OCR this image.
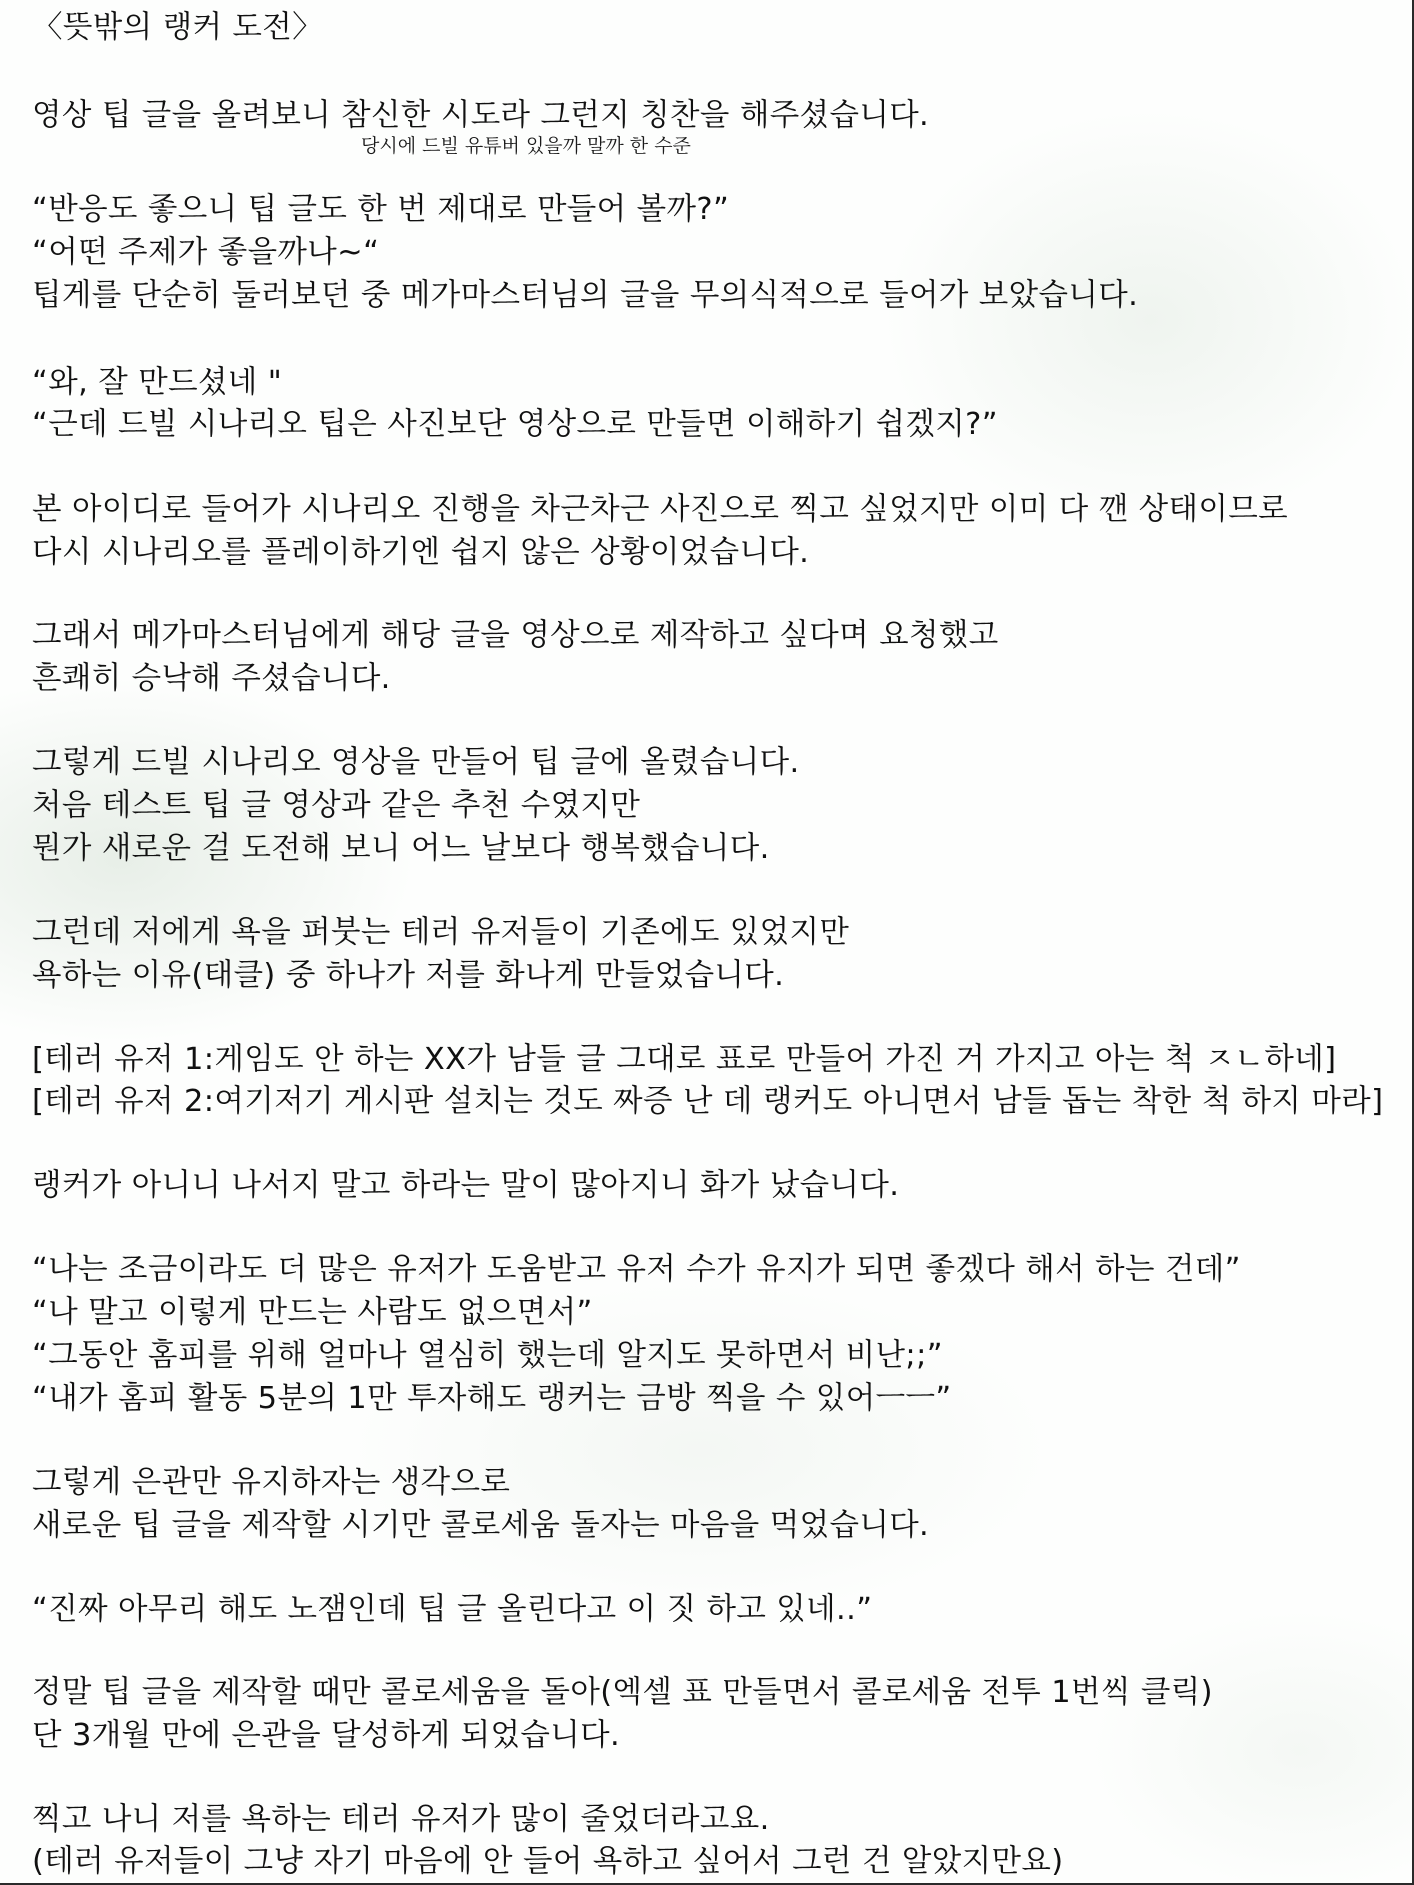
〈뜻밖의 랭커 도전〉
영상 팁 글을 올려보니 참신한 시도라 그런지 칭찬을 해주셨습니다.
당시에 드빌 유튜버 있을까 말까 한 수준
“반응도 좋으니 팁 글도 한 번 제대로 만들어 볼까?”
“어떤 주제가 좋을까나~“
팁게를 단순히 둘러보던 중 메가마스터님의 글을 무의식적으로 들어가 보았습니다.
“와, 잘 만드셨네 "
“근데 드빌 시나리오 팁은 사진보단 영상으로 만들면 이해하기 쉽겠지?”
본 아이디로 들어가 시나리오 진행을 차근차근 사진으로 찍고 싶었지만 이미 다 깬 상태이므로
다시 시나리오를 플레이하기엔 쉽지 않은 상황이었습니다.
그래서 메가마스터님에게 해당 글을 영상으로 제작하고 싶다며 요청했고
흔쾌히 승낙해 주셨습니다.
그렇게 드빌 시나리오 영상을 만들어 팁 글에 올렸습니다.
처음 테스트 팁 글 영상과 같은 추천 수였지만
뭔가 새로운 걸 도전해 보니 어느 날보다 행복했습니다.
그런데 저에게 욕을 퍼붓는 테러 유저들이 기존에도 있었지만
욕하는 이유(태클) 중 하나가 저를 화나게 만들었습니다.
[테러 유저 1:게임도 안 하는 XX가 남들 글 그대로 표로 만들어 가진 거 가지고 아는 척 ㅈㄴ하네]
[테러 유저 2:여기저기 게시판 설치는 것도 짜증 난 데 랭커도 아니면서 남들 돕는 착한 척 하지 마라]
랭커가 아니니 나서지 말고 하라는 말이 많아지니 화가 났습니다.
“나는 조금이라도 더 많은 유저가 도움받고 유저 수가 유지가 되면 좋겠다 해서 하는 건데”
“나 말고 이렇게 만드는 사람도 없으면서”
“그동안 홈피를 위해 얼마나 열심히 했는데 알지도 못하면서 비난;;”
“내가 홈피 활동 5분의 1만 투자해도 랭커는 금방 찍을 수 있어ㅡㅡ”
그렇게 은관만 유지하자는 생각으로
새로운 팁 글을 제작할 시기만 콜로세움 돌자는 마음을 먹었습니다.
“진짜 아무리 해도 노잼인데 팁 글 올린다고 이 짓 하고 있네..”
정말 팁 글을 제작할 때만 콜로세움을 돌아(엑셀 표 만들면서 콜로세움 전투 1번씩 클릭)
단 3개월 만에 은관을 달성하게 되었습니다.
찍고 나니 저를 욕하는 테러 유저가 많이 줄었더라고요.
(테러 유저들이 그냥 자기 마음에 안 들어 욕하고 싶어서 그런 건 알았지만요)
